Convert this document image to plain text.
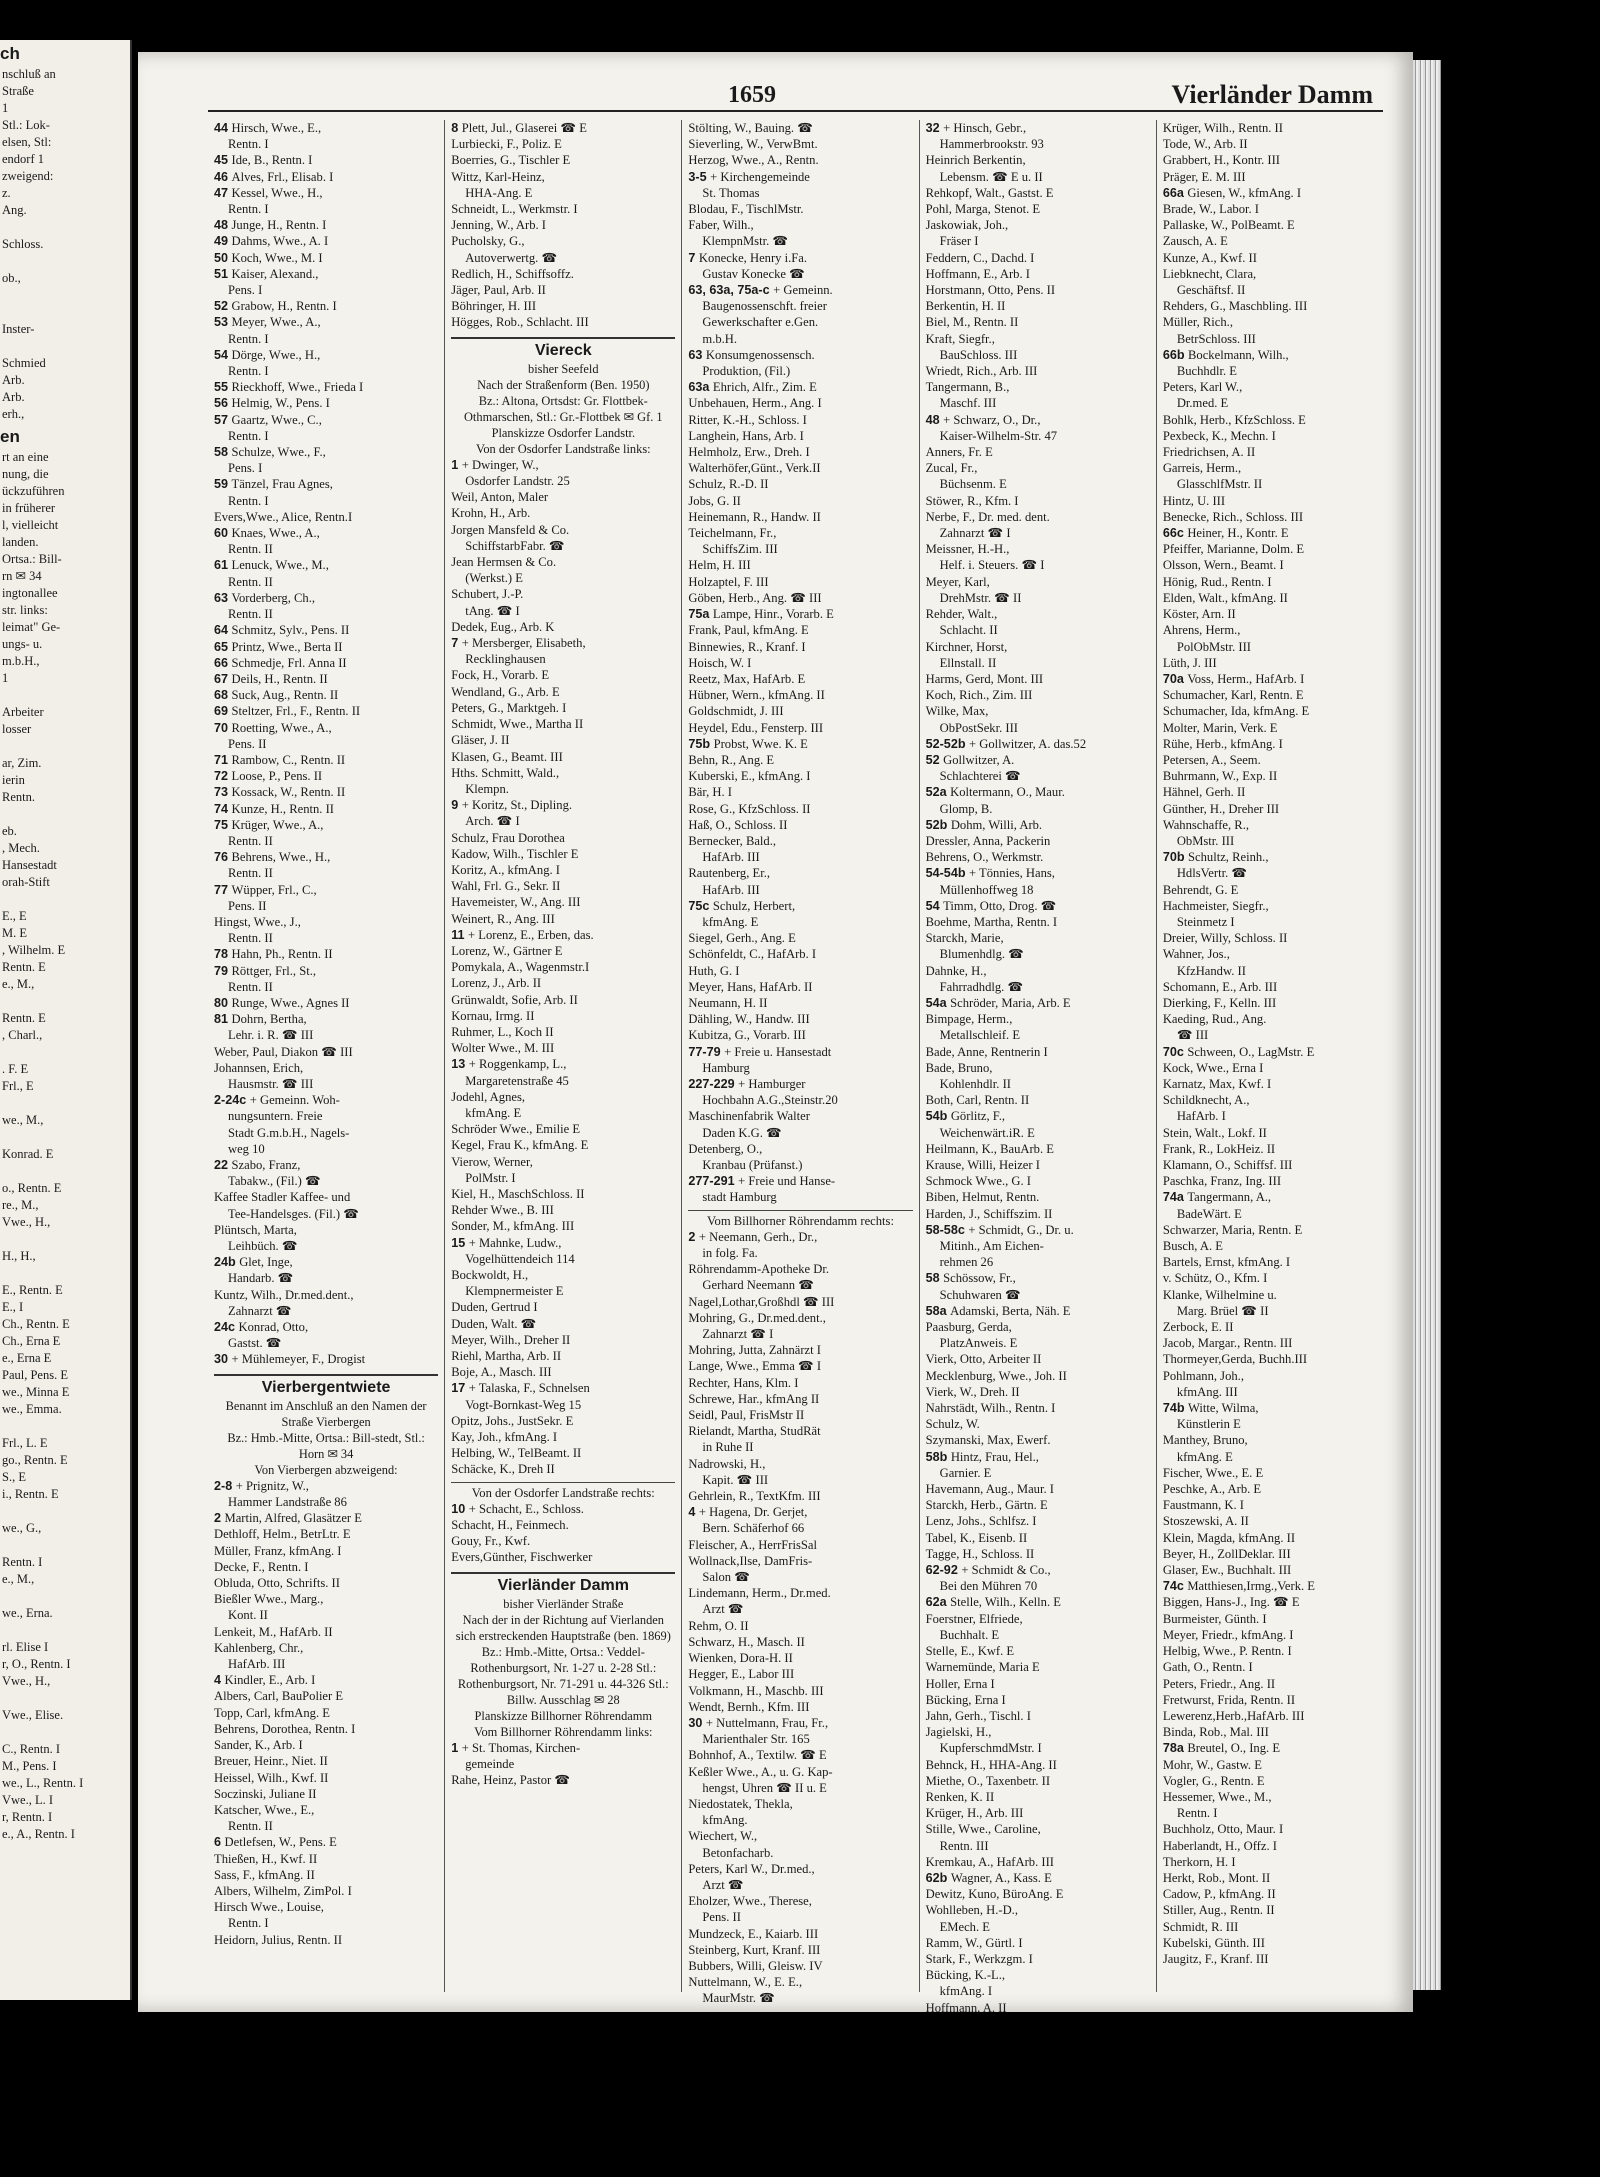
ch
nschluß an
Straße
1
Stl.: Lok-
elsen, Stl:
endorf 1
zweigend:
z.
Ang.

Schloss.

ob.,

Inster-

Schmied
Arb.
Arb.
erh.,
en
rt an eine
nung, die
ückzuführen
in früherer
l, vielleicht
landen.
Ortsa.: Bill-
rn ✉ 34
ingtonallee
str. links:
leimat" Ge-
ungs- u.
m.b.H.,
1

Arbeiter
losser

ar, Zim.
ierin
Rentn.

eb.
, Mech.
Hansestadt
orah-Stift

E., E
M. E
, Wilhelm. E
Rentn. E
e., M.,

Rentn. E
, Charl.,

. F. E
Frl., E

we., M.,

Konrad. E

o., Rentn. E
re., M.,
Vwe., H.,

H., H.,

E., Rentn. E
E., I
Ch., Rentn. E
Ch., Erna E
e., Erna E
Paul, Pens. E
we., Minna E
we., Emma.

Frl., L. E
go., Rentn. E
S., E
i., Rentn. E

we., G.,

Rentn. I
e., M.,

we., Erna.

rl. Elise I
r, O., Rentn. I
Vwe., H.,

Vwe., Elise.

C., Rentn. I
M., Pens. I
we., L., Rentn. I
Vwe., L. I
r, Rentn. I
e., A., Rentn. I
1659	Vierländer Damm
44 Hirsch, Wwe., E.,
Rentn. I
45 Ide, B., Rentn. I
46 Alves, Frl., Elisab. I
47 Kessel, Wwe., H.,
Rentn. I
48 Junge, H., Rentn. I
49 Dahms, Wwe., A. I
50 Koch, Wwe., M. I
51 Kaiser, Alexand.,
Pens. I
52 Grabow, H., Rentn. I
53 Meyer, Wwe., A.,
Rentn. I
54 Dörge, Wwe., H.,
Rentn. I
55 Rieckhoff, Wwe., Frieda I
56 Helmig, W., Pens. I
57 Gaartz, Wwe., C.,
Rentn. I
58 Schulze, Wwe., F.,
Pens. I
59 Tänzel, Frau Agnes,
Rentn. I
Evers,Wwe., Alice, Rentn.I
60 Knaes, Wwe., A.,
Rentn. II
61 Lenuck, Wwe., M.,
Rentn. II
63 Vorderberg, Ch.,
Rentn. II
64 Schmitz, Sylv., Pens. II
65 Printz, Wwe., Berta II
66 Schmedje, Frl. Anna II
67 Deils, H., Rentn. II
68 Suck, Aug., Rentn. II
69 Steltzer, Frl., F., Rentn. II
70 Roetting, Wwe., A.,
Pens. II
71 Rambow, C., Rentn. II
72 Loose, P., Pens. II
73 Kossack, W., Rentn. II
74 Kunze, H., Rentn. II
75 Krüger, Wwe., A.,
Rentn. II
76 Behrens, Wwe., H.,
Rentn. II
77 Wüpper, Frl., C.,
Pens. II
Hingst, Wwe., J.,
Rentn. II
78 Hahn, Ph., Rentn. II
79 Röttger, Frl., St.,
Rentn. II
80 Runge, Wwe., Agnes II
81 Dohrn, Bertha,
Lehr. i. R. ☎ III
Weber, Paul, Diakon ☎ III
Johannsen, Erich,
Hausmstr. ☎ III
2-24c + Gemeinn. Woh-
nungsuntern. Freie
Stadt G.m.b.H., Nagels-
weg 10
22 Szabo, Franz,
Tabakw., (Fil.) ☎
Kaffee Stadler Kaffee- und
Tee-Handelsges. (Fil.) ☎
Plüntsch, Marta,
Leihbüch. ☎
24b Glet, Inge,
Handarb. ☎
Kuntz, Wilh., Dr.med.dent.,
Zahnarzt ☎
24c Konrad, Otto,
Gastst. ☎
30 + Mühlemeyer, F., Drogist
Vierbergentwiete
Benannt im Anschluß an den Namen der Straße Vierbergen
Bz.: Hmb.-Mitte, Ortsa.: Bill-stedt, Stl.: Horn ✉ 34
Von Vierbergen abzweigend:
2-8 + Prignitz, W.,
Hammer Landstraße 86
2 Martin, Alfred, Glasätzer E
Dethloff, Helm., BetrLtr. E
Müller, Franz, kfmAng. I
Decke, F., Rentn. I
Obluda, Otto, Schrifts. II
Bießler Wwe., Marg.,
Kont. II
Lenkeit, M., HafArb. II
Kahlenberg, Chr.,
HafArb. III
4 Kindler, E., Arb. I
Albers, Carl, BauPolier E
Topp, Carl, kfmAng. E
Behrens, Dorothea, Rentn. I
Sander, K., Arb. I
Breuer, Heinr., Niet. II
Heissel, Wilh., Kwf. II
Soczinski, Juliane II
Katscher, Wwe., E.,
Rentn. II
6 Detlefsen, W., Pens. E
Thießen, H., Kwf. II
Sass, F., kfmAng. II
Albers, Wilhelm, ZimPol. I
Hirsch Wwe., Louise,
Rentn. I
Heidorn, Julius, Rentn. II
8 Plett, Jul., Glaserei ☎ E
Lurbiecki, F., Poliz. E
Boerries, G., Tischler E
Wittz, Karl-Heinz,
HHA-Ang. E
Schneidt, L., Werkmstr. I
Jenning, W., Arb. I
Pucholsky, G.,
Autoverwertg. ☎
Redlich, H., Schiffsoffz.
Jäger, Paul, Arb. II
Böhringer, H. III
Högges, Rob., Schlacht. III
Viereck
bisher Seefeld
Nach der Straßenform (Ben. 1950)
Bz.: Altona, Ortsdst: Gr. Flottbek-Othmarschen, Stl.: Gr.-Flottbek ✉ Gf. 1
Planskizze Osdorfer Landstr.
Von der Osdorfer Landstraße links:
1 + Dwinger, W.,
Osdorfer Landstr. 25
Weil, Anton, Maler
Krohn, H., Arb.
Jorgen Mansfeld & Co.
SchiffstarbFabr. ☎
Jean Hermsen & Co.
(Werkst.) E
Schubert, J.-P.
tAng. ☎ I
Dedek, Eug., Arb. K
7 + Mersberger, Elisabeth,
Recklinghausen
Fock, H., Vorarb. E
Wendland, G., Arb. E
Peters, G., Marktgeh. I
Schmidt, Wwe., Martha II
Gläser, J. II
Klasen, G., Beamt. III
Hths. Schmitt, Wald.,
Klempn.
9 + Koritz, St., Dipling.
Arch. ☎ I
Schulz, Frau Dorothea
Kadow, Wilh., Tischler E
Koritz, A., kfmAng. I
Wahl, Frl. G., Sekr. II
Havemeister, W., Ang. III
Weinert, R., Ang. III
11 + Lorenz, E., Erben, das.
Lorenz, W., Gärtner E
Pomykala, A., Wagenmstr.I
Lorenz, J., Arb. II
Grünwaldt, Sofie, Arb. II
Kornau, Irmg. II
Ruhmer, L., Koch II
Wolter Wwe., M. III
13 + Roggenkamp, L.,
Margaretenstraße 45
Jodehl, Agnes,
kfmAng. E
Schröder Wwe., Emilie E
Kegel, Frau K., kfmAng. E
Vierow, Werner,
PolMstr. I
Kiel, H., MaschSchloss. II
Rehder Wwe., B. III
Sonder, M., kfmAng. III
15 + Mahnke, Ludw.,
Vogelhüttendeich 114
Bockwoldt, H.,
Klempnermeister E
Duden, Gertrud I
Duden, Walt. ☎
Meyer, Wilh., Dreher II
Riehl, Martha, Arb. II
Boje, A., Masch. III
17 + Talaska, F., Schnelsen
Vogt-Bornkast-Weg 15
Opitz, Johs., JustSekr. E
Kay, Joh., kfmAng. I
Helbing, W., TelBeamt. II
Schäcke, K., Dreh II
Von der Osdorfer Landstraße rechts:
10 + Schacht, E., Schloss.
Schacht, H., Feinmech.
Gouy, Fr., Kwf.
Evers,Günther, Fischwerker
Vierländer Damm
bisher Vierländer Straße
Nach der in der Richtung auf Vierlanden sich erstreckenden Hauptstraße (ben. 1869)
Bz.: Hmb.-Mitte, Ortsa.: Veddel-Rothenburgsort, Nr. 1-27 u. 2-28 Stl.: Rothenburgsort, Nr. 71-291 u. 44-326 Stl.: Billw. Ausschlag ✉ 28
Planskizze Billhorner Röhrendamm
Vom Billhorner Röhrendamm links:
1 + St. Thomas, Kirchen-
gemeinde
Rahe, Heinz, Pastor ☎
Stölting, W., Bauing. ☎
Sieverling, W., VerwBmt.
Herzog, Wwe., A., Rentn.
3-5 + Kirchengemeinde
St. Thomas
Blodau, F., TischlMstr.
Faber, Wilh.,
KlempnMstr. ☎
7 Konecke, Henry i.Fa.
Gustav Konecke ☎
63, 63a, 75a-c + Gemeinn.
Baugenossenschft. freier
Gewerkschafter e.Gen.
m.b.H.
63 Konsumgenossensch.
Produktion, (Fil.)
63a Ehrich, Alfr., Zim. E
Unbehauen, Herm., Ang. I
Ritter, K.-H., Schloss. I
Langhein, Hans, Arb. I
Helmholz, Erw., Dreh. I
Walterhöfer,Günt., Verk.II
Schulz, R.-D. II
Jobs, G. II
Heinemann, R., Handw. II
Teichelmann, Fr.,
SchiffsZim. III
Helm, H. III
Holzaptel, F. III
Göben, Herb., Ang. ☎ III
75a Lampe, Hinr., Vorarb. E
Frank, Paul, kfmAng. E
Binnewies, R., Kranf. I
Hoisch, W. I
Reetz, Max, HafArb. E
Hübner, Wern., kfmAng. II
Goldschmidt, J. III
Heydel, Edu., Fensterp. III
75b Probst, Wwe. K. E
Behn, R., Ang. E
Kuberski, E., kfmAng. I
Bär, H. I
Rose, G., KfzSchloss. II
Haß, O., Schloss. II
Bernecker, Bald.,
HafArb. III
Rautenberg, Er.,
HafArb. III
75c Schulz, Herbert,
kfmAng. E
Siegel, Gerh., Ang. E
Schönfeldt, C., HafArb. I
Huth, G. I
Meyer, Hans, HafArb. II
Neumann, H. II
Dähling, W., Handw. III
Kubitza, G., Vorarb. III
77-79 + Freie u. Hansestadt
Hamburg
227-229 + Hamburger
Hochbahn A.G.,Steinstr.20
Maschinenfabrik Walter
Daden K.G. ☎
Detenberg, O.,
Kranbau (Prüfanst.)
277-291 + Freie und Hanse-
stadt Hamburg
Vom Billhorner Röhrendamm rechts:
2 + Neemann, Gerh., Dr.,
in folg. Fa.
Röhrendamm-Apotheke Dr.
Gerhard Neemann ☎
Nagel,Lothar,Großhdl ☎ III
Mohring, G., Dr.med.dent.,
Zahnarzt ☎ I
Mohring, Jutta, Zahnärzt I
Lange, Wwe., Emma ☎ I
Rechter, Hans, Klm. I
Schrewe, Har., kfmAng II
Seidl, Paul, FrisMstr II
Rielandt, Martha, StudRät
in Ruhe II
Nadrowski, H.,
Kapit. ☎ III
Gehrlein, R., TextKfm. III
4 + Hagena, Dr. Gerjet,
Bern. Schäferhof 66
Fleischer, A., HerrFrisSal
Wollnack,Ilse, DamFris-
Salon ☎
Lindemann, Herm., Dr.med.
Arzt ☎
Rehm, O. II
Schwarz, H., Masch. II
Wienken, Dora-H. II
Hegger, E., Labor III
Volkmann, H., Maschb. III
Wendt, Bernh., Kfm. III
30 + Nuttelmann, Frau, Fr.,
Marienthaler Str. 165
Bohnhof, A., Textilw. ☎ E
Keßler Wwe., A., u. G. Kap-
hengst, Uhren ☎ II u. E
Niedostatek, Thekla,
kfmAng.
Wiechert, W.,
Betonfacharb.
Peters, Karl W., Dr.med.,
Arzt ☎
Eholzer, Wwe., Therese,
Pens. II
Mundzeck, E., Kaiarb. III
Steinberg, Kurt, Kranf. III
Bubbers, Willi, Gleisw. IV
Nuttelmann, W., E. E.,
MaurMstr. ☎
32 + Hinsch, Gebr.,
Hammerbrookstr. 93
Heinrich Berkentin,
Lebensm. ☎ E u. II
Rehkopf, Walt., Gastst. E
Pohl, Marga, Stenot. E
Jaskowiak, Joh.,
Fräser I
Feddern, C., Dachd. I
Hoffmann, E., Arb. I
Horstmann, Otto, Pens. II
Berkentin, H. II
Biel, M., Rentn. II
Kraft, Siegfr.,
BauSchloss. III
Wriedt, Rich., Arb. III
Tangermann, B.,
Maschf. III
48 + Schwarz, O., Dr.,
Kaiser-Wilhelm-Str. 47
Anners, Fr. E
Zucal, Fr.,
Büchsenm. E
Stöwer, R., Kfm. I
Nerbe, F., Dr. med. dent.
Zahnarzt ☎ I
Meissner, H.-H.,
Helf. i. Steuers. ☎ I
Meyer, Karl,
DrehMstr. ☎ II
Rehder, Walt.,
Schlacht. II
Kirchner, Horst,
Ellnstall. II
Harms, Gerd, Mont. III
Koch, Rich., Zim. III
Wilke, Max,
ObPostSekr. III
52-52b + Gollwitzer, A. das.52
52 Gollwitzer, A.
Schlachterei ☎
52a Koltermann, O., Maur.
Glomp, B.
52b Dohm, Willi, Arb.
Dressler, Anna, Packerin
Behrens, O., Werkmstr.
54-54b + Tönnies, Hans,
Müllenhoffweg 18
54 Timm, Otto, Drog. ☎
Boehme, Martha, Rentn. I
Starckh, Marie,
Blumenhdlg. ☎
Dahnke, H.,
Fahrradhdlg. ☎
54a Schröder, Maria, Arb. E
Bimpage, Herm.,
Metallschleif. E
Bade, Anne, Rentnerin I
Bade, Bruno,
Kohlenhdlr. II
Both, Carl, Rentn. II
54b Görlitz, F.,
Weichenwärt.iR. E
Heilmann, K., BauArb. E
Krause, Willi, Heizer I
Schmock Wwe., G. I
Biben, Helmut, Rentn.
Harden, J., Schiffszim. II
58-58c + Schmidt, G., Dr. u.
Mitinh., Am Eichen-
rehmen 26
58 Schössow, Fr.,
Schuhwaren ☎
58a Adamski, Berta, Näh. E
Paasburg, Gerda,
PlatzAnweis. E
Vierk, Otto, Arbeiter II
Mecklenburg, Wwe., Joh. II
Vierk, W., Dreh. II
Nahrstädt, Wilh., Rentn. I
Schulz, W.
Szymanski, Max, Ewerf.
58b Hintz, Frau, Hel.,
Garnier. E
Havemann, Aug., Maur. I
Starckh, Herb., Gärtn. E
Lenz, Johs., Schlfsz. I
Tabel, K., Eisenb. II
Tagge, H., Schloss. II
62-92 + Schmidt & Co.,
Bei den Mühren 70
62a Stelle, Wilh., Kelln. E
Foerstner, Elfriede,
Buchhalt. E
Stelle, E., Kwf. E
Warnemünde, Maria E
Holler, Erna I
Bücking, Erna I
Jahn, Gerh., Tischl. I
Jagielski, H.,
KupferschmdMstr. I
Behnck, H., HHA-Ang. II
Miethe, O., Taxenbetr. II
Renken, K. II
Krüger, H., Arb. III
Stille, Wwe., Caroline,
Rentn. III
Kremkau, A., HafArb. III
62b Wagner, A., Kass. E
Dewitz, Kuno, BüroAng. E
Wohlleben, H.-D.,
EMech. E
Ramm, W., Gürtl. I
Stark, F., Werkzgm. I
Bücking, K.-L.,
kfmAng. I
Hoffmann, A. II
Krüger, Wilh., Rentn. II
Tode, W., Arb. II
Grabbert, H., Kontr. III
Präger, E. M. III
66a Giesen, W., kfmAng. I
Brade, W., Labor. I
Pallaske, W., PolBeamt. E
Zausch, A. E
Kunze, A., Kwf. II
Liebknecht, Clara,
Geschäftsf. II
Rehders, G., Maschbling. III
Müller, Rich.,
BetrSchloss. III
66b Bockelmann, Wilh.,
Buchhdlr. E
Peters, Karl W.,
Dr.med. E
Bohlk, Herb., KfzSchloss. E
Pexbeck, K., Mechn. I
Friedrichsen, A. II
Garreis, Herm.,
GlasschlfMstr. II
Hintz, U. III
Benecke, Rich., Schloss. III
66c Heiner, H., Kontr. E
Pfeiffer, Marianne, Dolm. E
Olsson, Wern., Beamt. I
Hönig, Rud., Rentn. I
Elden, Walt., kfmAng. II
Köster, Arn. II
Ahrens, Herm.,
PolObMstr. III
Lüth, J. III
70a Voss, Herm., HafArb. I
Schumacher, Karl, Rentn. E
Schumacher, Ida, kfmAng. E
Molter, Marin, Verk. E
Rühe, Herb., kfmAng. I
Petersen, A., Seem.
Buhrmann, W., Exp. II
Hähnel, Gerh. II
Günther, H., Dreher III
Wahnschaffe, R.,
ObMstr. III
70b Schultz, Reinh.,
HdlsVertr. ☎
Behrendt, G. E
Hachmeister, Siegfr.,
Steinmetz I
Dreier, Willy, Schloss. II
Wahner, Jos.,
KfzHandw. II
Schomann, E., Arb. III
Dierking, F., Kelln. III
Kaeding, Rud., Ang.
☎ III
70c Schween, O., LagMstr. E
Kock, Wwe., Erna I
Karnatz, Max, Kwf. I
Schildknecht, A.,
HafArb. I
Stein, Walt., Lokf. II
Frank, R., LokHeiz. II
Klamann, O., Schiffsf. III
Paschka, Franz, Ing. III
74a Tangermann, A.,
BadeWärt. E
Schwarzer, Maria, Rentn. E
Busch, A. E
Bartels, Ernst, kfmAng. I
v. Schütz, O., Kfm. I
Klanke, Wilhelmine u.
Marg. Brüel ☎ II
Zerbock, E. II
Jacob, Margar., Rentn. III
Thormeyer,Gerda, Buchh.III
Pohlmann, Joh.,
kfmAng. III
74b Witte, Wilma,
Künstlerin E
Manthey, Bruno,
kfmAng. E
Fischer, Wwe., E. E
Peschke, A., Arb. E
Faustmann, K. I
Stoszewski, A. II
Klein, Magda, kfmAng. II
Beyer, H., ZollDeklar. III
Glaser, Ew., Buchhalt. III
74c Matthiesen,Irmg.,Verk. E
Biggen, Hans-J., Ing. ☎ E
Burmeister, Günth. I
Meyer, Friedr., kfmAng. I
Helbig, Wwe., P. Rentn. I
Gath, O., Rentn. I
Peters, Friedr., Ang. II
Fretwurst, Frida, Rentn. II
Lewerenz,Herb.,HafArb. III
Binda, Rob., Mal. III
78a Breutel, O., Ing. E
Mohr, W., Gastw. E
Vogler, G., Rentn. E
Hessemer, Wwe., M.,
Rentn. I
Buchholz, Otto, Maur. I
Haberlandt, H., Offz. I
Therkorn, H. I
Herkt, Rob., Mont. II
Cadow, P., kfmAng. II
Stiller, Aug., Rentn. II
Schmidt, R. III
Kubelski, Günth. III
Jaugitz, F., Kranf. III
